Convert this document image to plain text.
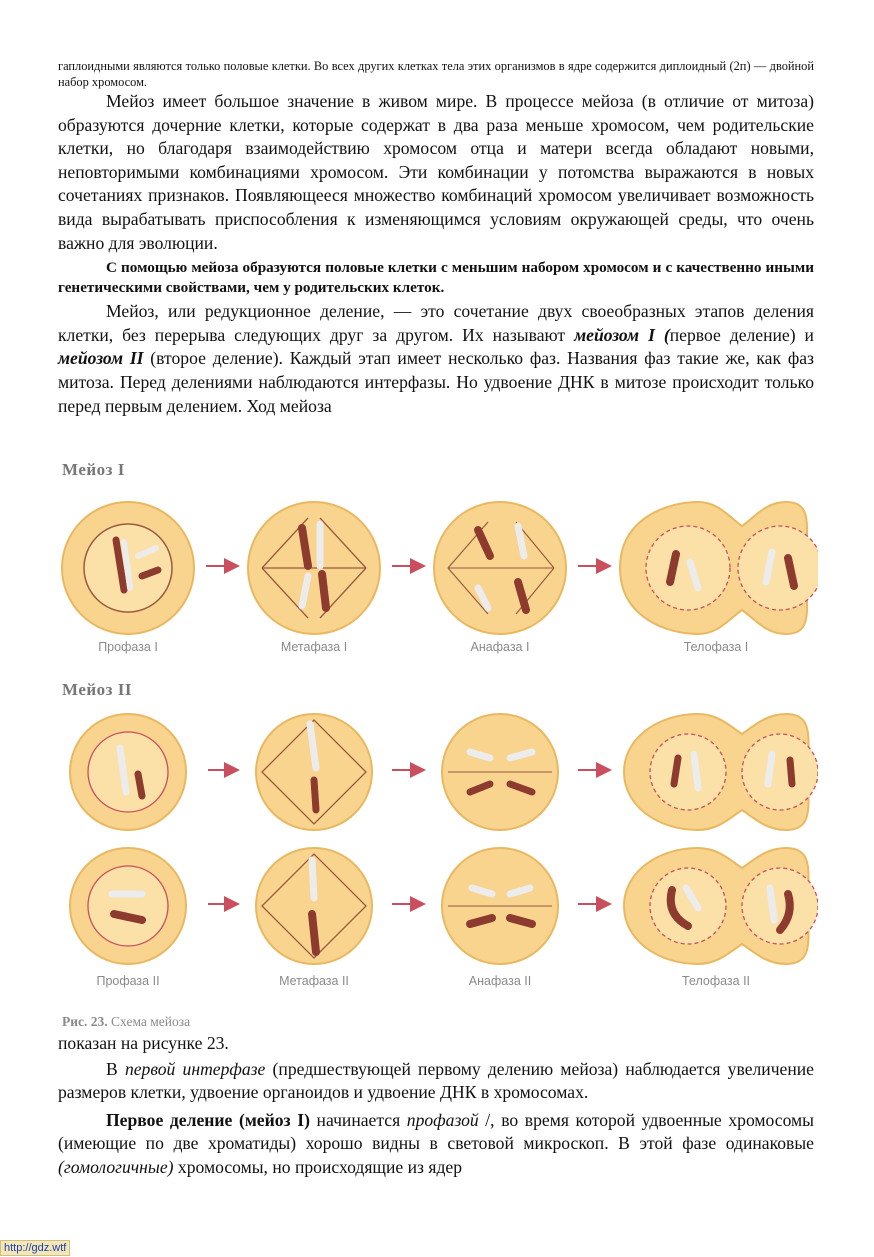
гаплоидными являются только половые клетки. Во всех других клетках тела этих организмов в ядре содержится диплоидный (2п) — двойной набор хромосом.

Мейоз имеет большое значение в живом мире. В процессе мейоза (в отличие от митоза) образуются дочерние клетки, которые содержат в два раза меньше хромосом, чем родительские клетки, но благодаря взаимодействию хромосом отца и матери всегда обладают новыми, неповторимыми комбинациями хромосом. Эти комбинации у потомства выражаются в новых сочетаниях признаков. Появляющееся множество комбинаций хромосом увеличивает возможность вида вырабатывать приспособления к изменяющимся условиям окружающей среды, что очень важно для эволюции.

С помощью мейоза образуются половые клетки с меньшим набором хромосом и с качественно иными генетическими свойствами, чем у родительских клеток.

Мейоз, или редукционное деление, — это сочетание двух своеобразных этапов деления клетки, без перерыва следующих друг за другом. Их называют мейозом I (первое деление) и мейозом II (второе деление). Каждый этап имеет несколько фаз. Названия фаз такие же, как фаз митоза. Перед делениями наблюдаются интерфазы. Но удвоение ДНК в митозе происходит только перед первым делением. Ход мейоза

Мейоз I
Мейоз II
Профаза I	Метафаза I	Анафаза I	Телофаза I
Профаза II	Метафаза II	Анафаза II	Телофаза II
Рис. 23. Схема мейоза

показан на рисунке 23.

В первой интерфазе (предшествующей первому делению мейоза) наблюдается увеличение размеров клетки, удвоение органоидов и удвоение ДНК в хромосомах.

Первое деление (мейоз I) начинается профазой /, во время которой удвоенные хромосомы (имеющие по две хроматиды) хорошо видны в световой микроскоп. В этой фазе одинаковые (гомологичные) хромосомы, но происходящие из ядер

http://gdz.wtf
